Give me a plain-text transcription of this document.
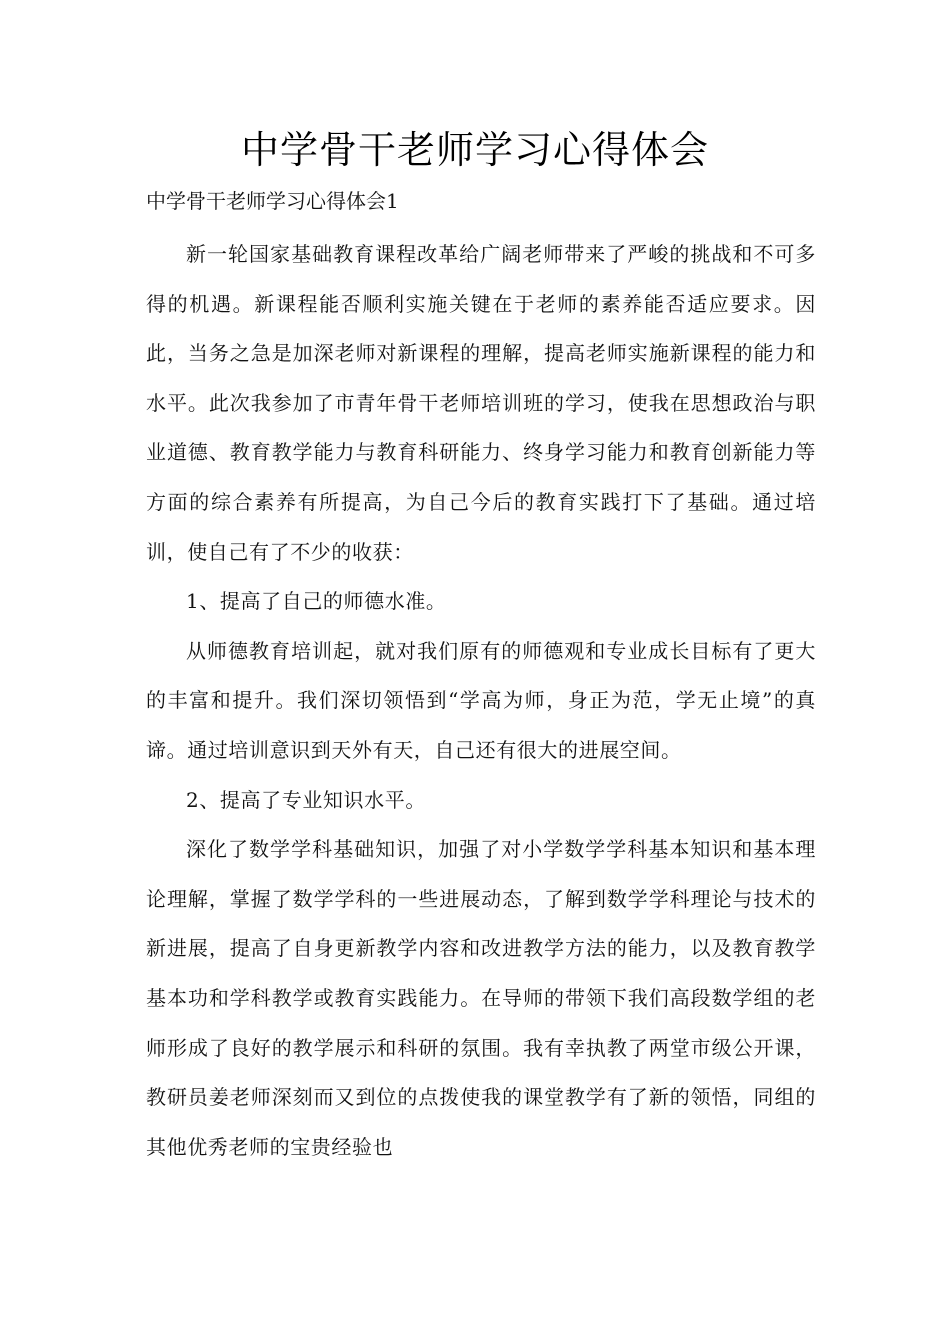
中学骨干老师学习心得体会

中学骨干老师学习心得体会1

新一轮国家基础教育课程改革给广阔老师带来了严峻的挑战和不可多得的机遇。新课程能否顺利实施关键在于老师的素养能否适应要求。因此，当务之急是加深老师对新课程的理解，提高老师实施新课程的能力和水平。此次我参加了市青年骨干老师培训班的学习，使我在思想政治与职业道德、教育教学能力与教育科研能力、终身学习能力和教育创新能力等方面的综合素养有所提高，为自己今后的教育实践打下了基础。通过培训，使自己有了不少的收获：

1、提高了自己的师德水准。

从师德教育培训起，就对我们原有的师德观和专业成长目标有了更大的丰富和提升。我们深切领悟到“学高为师，身正为范，学无止境”的真谛。通过培训意识到天外有天，自己还有很大的进展空间。

2、提高了专业知识水平。

深化了数学学科基础知识，加强了对小学数学学科基本知识和基本理论理解，掌握了数学学科的一些进展动态，了解到数学学科理论与技术的新进展，提高了自身更新教学内容和改进教学方法的能力，以及教育教学基本功和学科教学或教育实践能力。在导师的带领下我们高段数学组的老师形成了良好的教学展示和科研的氛围。我有幸执教了两堂市级公开课，教研员姜老师深刻而又到位的点拨使我的课堂教学有了新的领悟，同组的其他优秀老师的宝贵经验也
